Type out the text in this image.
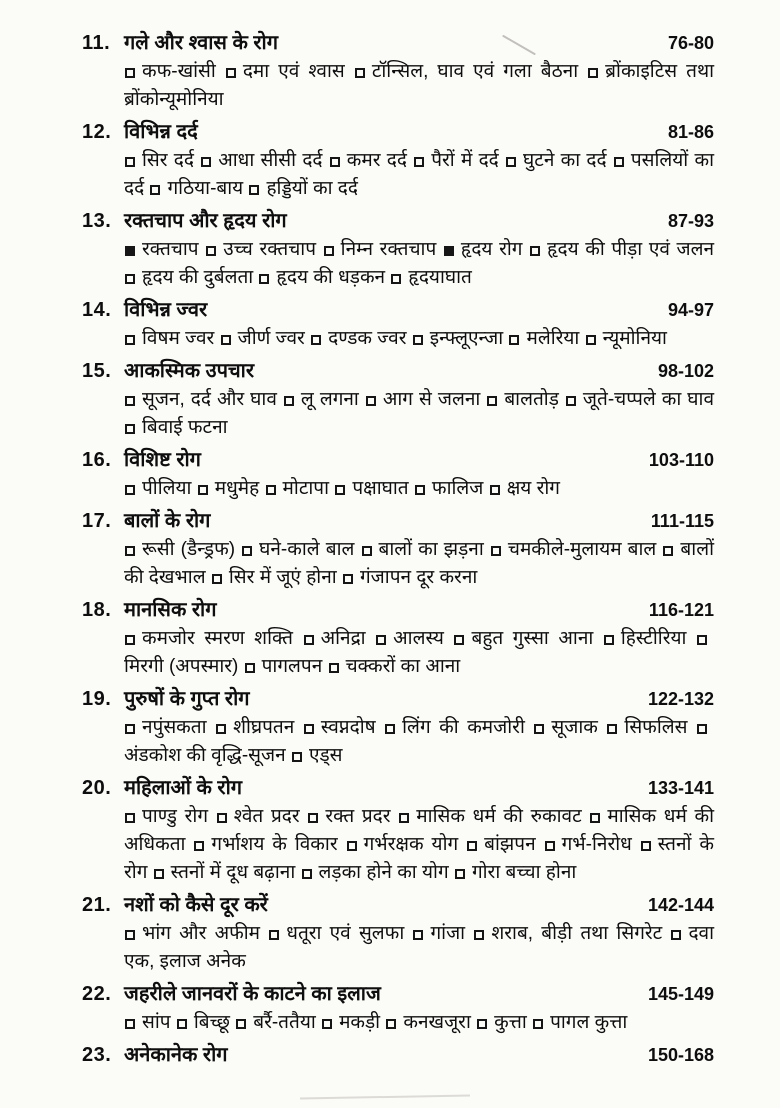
11. गले और श्वास के रोग	76-80
कफ-खांसी दमा एवं श्वास टॉन्सिल, घाव एवं गला बैठना ब्रोंकाइटिस तथा ब्रोंकोन्यूमोनिया
12. विभिन्न दर्द	81-86
सिर दर्द आधा सीसी दर्द कमर दर्द पैरों में दर्द घुटने का दर्द पसलियों का दर्द गठिया-बाय हड्डियों का दर्द
13. रक्तचाप और हृदय रोग	87-93
रक्तचाप उच्च रक्तचाप निम्न रक्तचाप हृदय रोग हृदय की पीड़ा एवं जलन हृदय की दुर्बलता हृदय की धड़कन हृदयाघात
14. विभिन्न ज्वर	94-97
विषम ज्वर जीर्ण ज्वर दण्डक ज्वर इन्फ्लूएन्जा मलेरिया न्यूमोनिया
15. आकस्मिक उपचार	98-102
सूजन, दर्द और घाव लू लगना आग से जलना बालतोड़ जूते-चप्पले का घाव बिवाई फटना
16. विशिष्ट रोग	103-110
पीलिया मधुमेह मोटापा पक्षाघात फालिज क्षय रोग
17. बालों के रोग	111-115
रूसी (डैन्ड्रफ) घने-काले बाल बालों का झड़ना चमकीले-मुलायम बाल बालों की देखभाल सिर में जूएं होना गंजापन दूर करना
18. मानसिक रोग	116-121
कमजोर स्मरण शक्ति अनिद्रा आलस्य बहुत गुस्सा आना हिस्टीरिया मिरगी (अपस्मार) पागलपन चक्करों का आना
19. पुरुषों के गुप्त रोग	122-132
नपुंसकता शीघ्रपतन स्वप्नदोष लिंग की कमजोरी सूजाक सिफलिस अंडकोश की वृद्धि-सूजन एड्स
20. महिलाओं के रोग	133-141
पाण्डु रोग श्वेत प्रदर रक्त प्रदर मासिक धर्म की रुकावट मासिक धर्म की अधिकता गर्भाशय के विकार गर्भरक्षक योग बांझपन गर्भ-निरोध स्तनों के रोग स्तनों में दूध बढ़ाना लड़का होने का योग गोरा बच्चा होना
21. नशों को कैसे दूर करें	142-144
भांग और अफीम धतूरा एवं सुलफा गांजा शराब, बीड़ी तथा सिगरेट दवा एक, इलाज अनेक
22. जहरीले जानवरों के काटने का इलाज	145-149
सांप बिच्छू बर्रै-ततैया मकड़ी कनखजूरा कुत्ता पागल कुत्ता
23. अनेकानेक रोग	150-168
